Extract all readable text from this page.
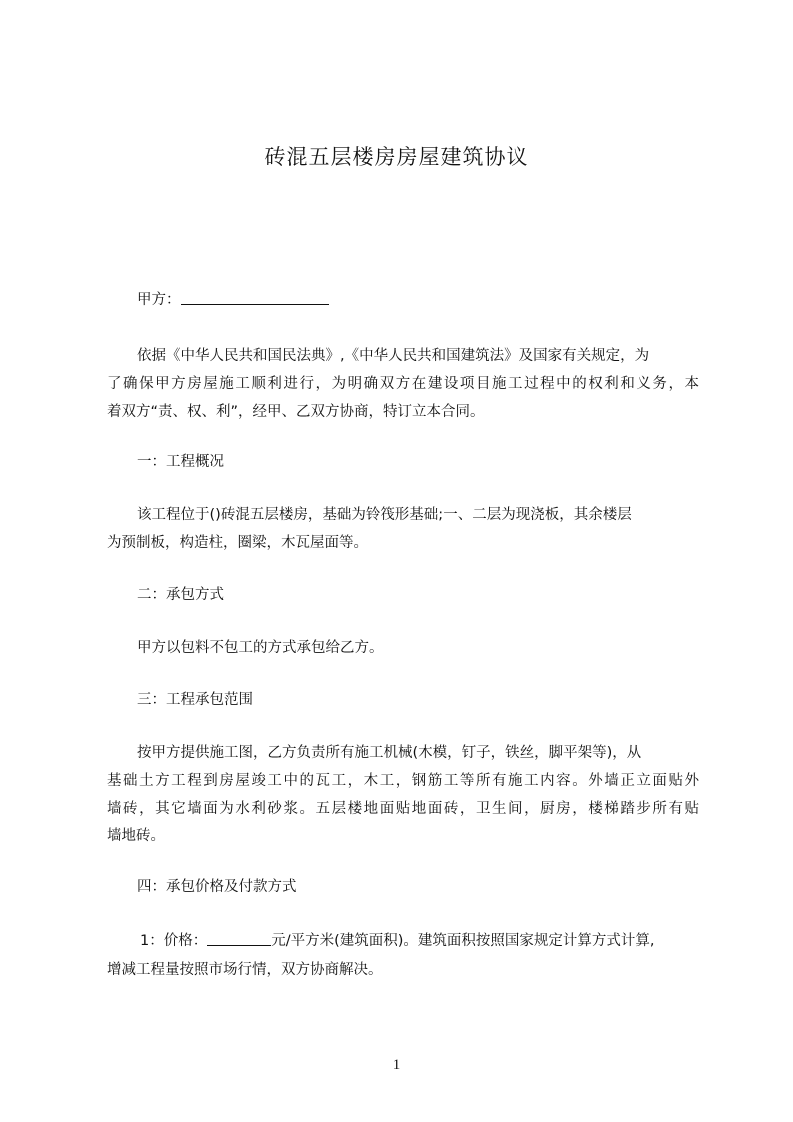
砖混五层楼房房屋建筑协议
甲方：
依据《中华人民共和国民法典》,《中华人民共和国建筑法》及国家有关规定，为
了确保甲方房屋施工顺利进行，为明确双方在建设项目施工过程中的权利和义务，本
着双方“责、权、利”，经甲、乙双方协商，特订立本合同。
一：工程概况
该工程位于()砖混五层楼房，基础为铃筏形基础;一、二层为现浇板，其余楼层
为预制板，构造柱，圈梁，木瓦屋面等。
二：承包方式
甲方以包料不包工的方式承包给乙方。
三：工程承包范围
按甲方提供施工图，乙方负责所有施工机械(木模，钉子，铁丝，脚平架等)，从
基础土方工程到房屋竣工中的瓦工，木工，钢筋工等所有施工内容。外墙正立面贴外
墙砖，其它墙面为水利砂浆。五层楼地面贴地面砖，卫生间，厨房，楼梯踏步所有贴
墙地砖。
四：承包价格及付款方式
1：价格：	元/平方米(建筑面积)。建筑面积按照国家规定计算方式计算,
增减工程量按照市场行情，双方协商解决。
1
